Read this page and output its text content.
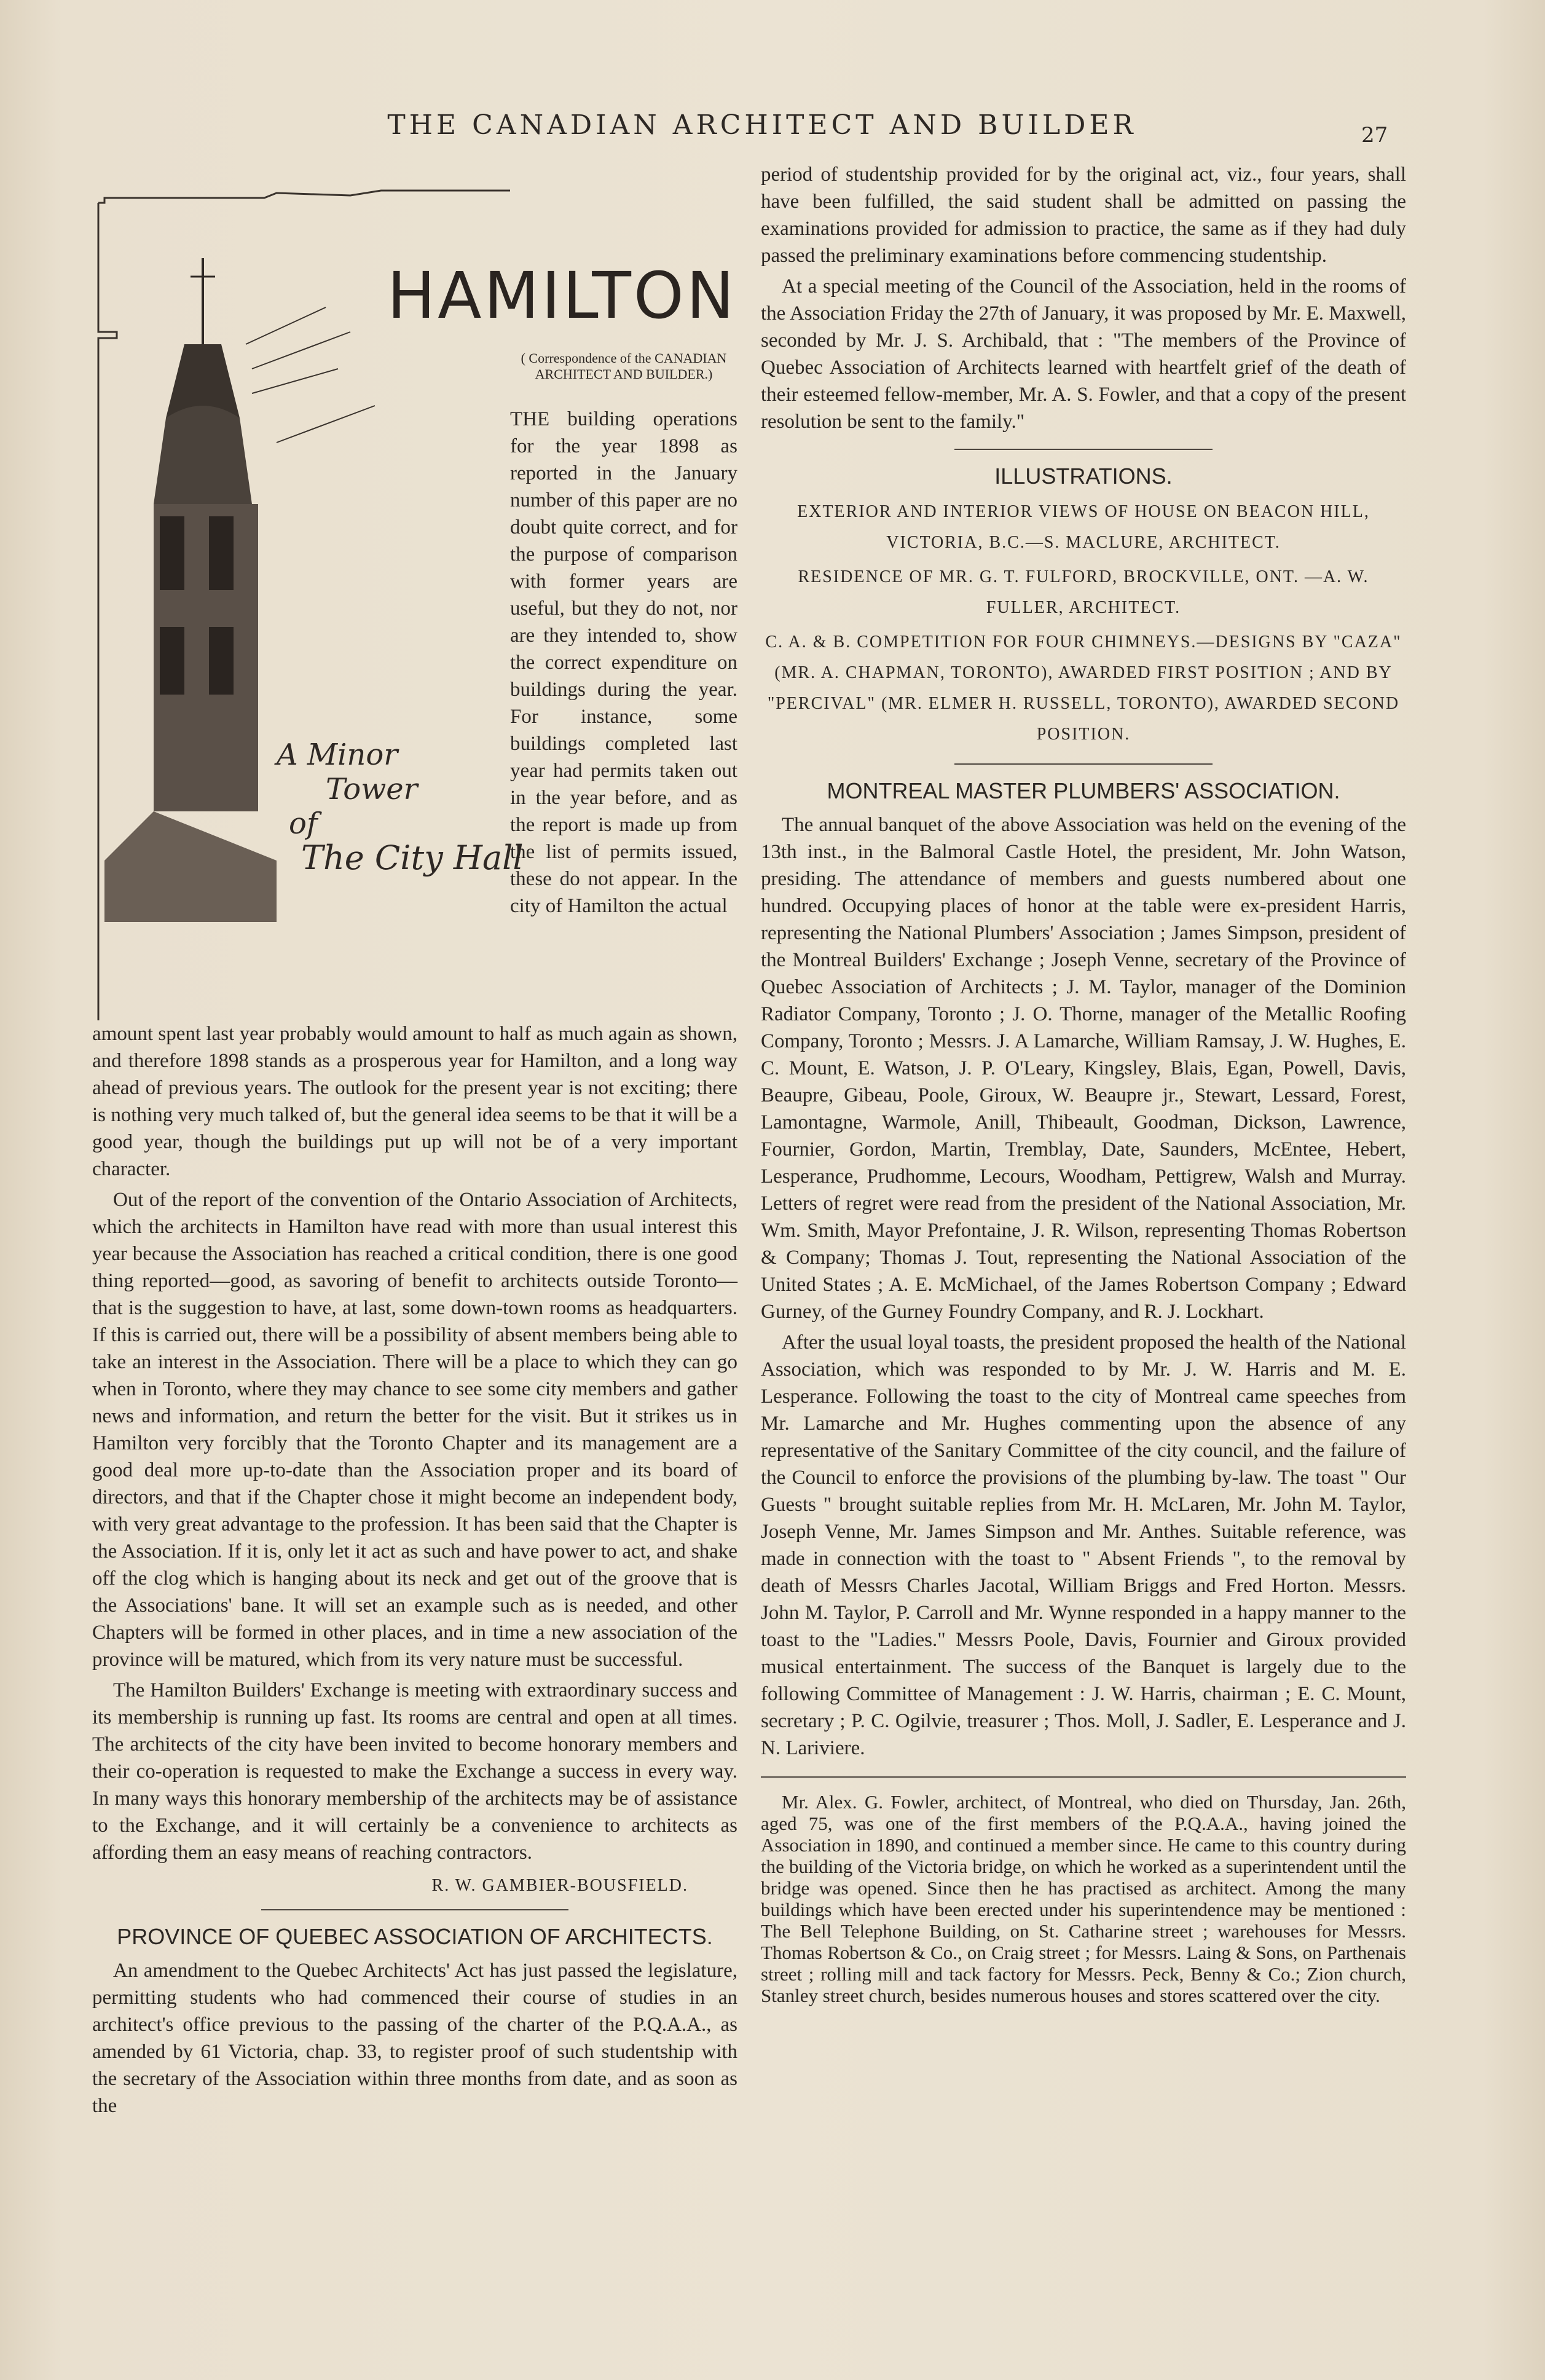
THE CANADIAN ARCHITECT AND BUILDER	27
HAMILTON
A Minor
Tower
of
The City Hall
( Correspondence of the CANADIAN ARCHITECT AND BUILDER.)

THE building operations for the year 1898 as reported in the January number of this paper are no doubt quite correct, and for the purpose of comparison with former years are useful, but they do not, nor are they intended to, show the correct expenditure on buildings during the year. For instance, some buildings completed last year had permits taken out in the year before, and as the report is made up from the list of permits issued, these do not appear. In the city of Hamilton the actual

amount spent last year probably would amount to half as much again as shown, and therefore 1898 stands as a prosperous year for Hamilton, and a long way ahead of previous years. The outlook for the present year is not exciting; there is nothing very much talked of, but the general idea seems to be that it will be a good year, though the buildings put up will not be of a very important character.

Out of the report of the convention of the Ontario Association of Architects, which the architects in Hamilton have read with more than usual interest this year because the Association has reached a critical condition, there is one good thing reported—good, as savoring of benefit to architects outside Toronto—that is the suggestion to have, at last, some down-town rooms as headquarters. If this is carried out, there will be a possibility of absent members being able to take an interest in the Association. There will be a place to which they can go when in Toronto, where they may chance to see some city members and gather news and information, and return the better for the visit. But it strikes us in Hamilton very forcibly that the Toronto Chapter and its management are a good deal more up-to-date than the Association proper and its board of directors, and that if the Chapter chose it might become an independent body, with very great advantage to the profession. It has been said that the Chapter is the Association. If it is, only let it act as such and have power to act, and shake off the clog which is hanging about its neck and get out of the groove that is the Associations' bane. It will set an example such as is needed, and other Chapters will be formed in other places, and in time a new association of the province will be matured, which from its very nature must be successful.

The Hamilton Builders' Exchange is meeting with extraordinary success and its membership is running up fast. Its rooms are central and open at all times. The architects of the city have been invited to become honorary members and their co-operation is requested to make the Exchange a success in every way. In many ways this honorary membership of the architects may be of assistance to the Exchange, and it will certainly be a convenience to architects as affording them an easy means of reaching contractors.

R. W. GAMBIER-BOUSFIELD.
PROVINCE OF QUEBEC ASSOCIATION OF ARCHITECTS.

An amendment to the Quebec Architects' Act has just passed the legislature, permitting students who had commenced their course of studies in an architect's office previous to the passing of the charter of the P.Q.A.A., as amended by 61 Victoria, chap. 33, to register proof of such studentship with the secretary of the Association within three months from date, and as soon as the

period of studentship provided for by the original act, viz., four years, shall have been fulfilled, the said student shall be admitted on passing the examinations provided for admission to practice, the same as if they had duly passed the preliminary examinations before commencing studentship.

At a special meeting of the Council of the Association, held in the rooms of the Association Friday the 27th of January, it was proposed by Mr. E. Maxwell, seconded by Mr. J. S. Archibald, that : "The members of the Province of Quebec Association of Architects learned with heartfelt grief of the death of their esteemed fellow-member, Mr. A. S. Fowler, and that a copy of the present resolution be sent to the family."

ILLUSTRATIONS.

EXTERIOR AND INTERIOR VIEWS OF HOUSE ON BEACON HILL, VICTORIA, B.C.—S. MACLURE, ARCHITECT.

RESIDENCE OF MR. G. T. FULFORD, BROCKVILLE, ONT. —A. W. FULLER, ARCHITECT.

C. A. & B. COMPETITION FOR FOUR CHIMNEYS.—DESIGNS BY "CAZA" (MR. A. CHAPMAN, TORONTO), AWARDED FIRST POSITION ; AND BY "PERCIVAL" (MR. ELMER H. RUSSELL, TORONTO), AWARDED SECOND POSITION.

MONTREAL MASTER PLUMBERS' ASSOCIATION.

The annual banquet of the above Association was held on the evening of the 13th inst., in the Balmoral Castle Hotel, the president, Mr. John Watson, presiding. The attendance of members and guests numbered about one hundred. Occupying places of honor at the table were ex-president Harris, representing the National Plumbers' Association ; James Simpson, president of the Montreal Builders' Exchange ; Joseph Venne, secretary of the Province of Quebec Association of Architects ; J. M. Taylor, manager of the Dominion Radiator Company, Toronto ; J. O. Thorne, manager of the Metallic Roofing Company, Toronto ; Messrs. J. A Lamarche, William Ramsay, J. W. Hughes, E. C. Mount, E. Watson, J. P. O'Leary, Kingsley, Blais, Egan, Powell, Davis, Beaupre, Gibeau, Poole, Giroux, W. Beaupre jr., Stewart, Lessard, Forest, Lamontagne, Warmole, Anill, Thibeault, Goodman, Dickson, Lawrence, Fournier, Gordon, Martin, Tremblay, Date, Saunders, McEntee, Hebert, Lesperance, Prudhomme, Lecours, Woodham, Pettigrew, Walsh and Murray. Letters of regret were read from the president of the National Association, Mr. Wm. Smith, Mayor Prefontaine, J. R. Wilson, representing Thomas Robertson & Company; Thomas J. Tout, representing the National Association of the United States ; A. E. McMichael, of the James Robertson Company ; Edward Gurney, of the Gurney Foundry Company, and R. J. Lockhart.

After the usual loyal toasts, the president proposed the health of the National Association, which was responded to by Mr. J. W. Harris and M. E. Lesperance. Following the toast to the city of Montreal came speeches from Mr. Lamarche and Mr. Hughes commenting upon the absence of any representative of the Sanitary Committee of the city council, and the failure of the Council to enforce the provisions of the plumbing by-law. The toast " Our Guests " brought suitable replies from Mr. H. McLaren, Mr. John M. Taylor, Joseph Venne, Mr. James Simpson and Mr. Anthes. Suitable reference, was made in connection with the toast to " Absent Friends ", to the removal by death of Messrs Charles Jacotal, William Briggs and Fred Horton. Messrs. John M. Taylor, P. Carroll and Mr. Wynne responded in a happy manner to the toast to the "Ladies." Messrs Poole, Davis, Fournier and Giroux provided musical entertainment. The success of the Banquet is largely due to the following Committee of Management : J. W. Harris, chairman ; E. C. Mount, secretary ; P. C. Ogilvie, treasurer ; Thos. Moll, J. Sadler, E. Lesperance and J. N. Lariviere.

Mr. Alex. G. Fowler, architect, of Montreal, who died on Thursday, Jan. 26th, aged 75, was one of the first members of the P.Q.A.A., having joined the Association in 1890, and continued a member since. He came to this country during the building of the Victoria bridge, on which he worked as a superintendent until the bridge was opened. Since then he has practised as architect. Among the many buildings which have been erected under his superintendence may be mentioned : The Bell Telephone Building, on St. Catharine street ; warehouses for Messrs. Thomas Robertson & Co., on Craig street ; for Messrs. Laing & Sons, on Parthenais street ; rolling mill and tack factory for Messrs. Peck, Benny & Co.; Zion church, Stanley street church, besides numerous houses and stores scattered over the city.
